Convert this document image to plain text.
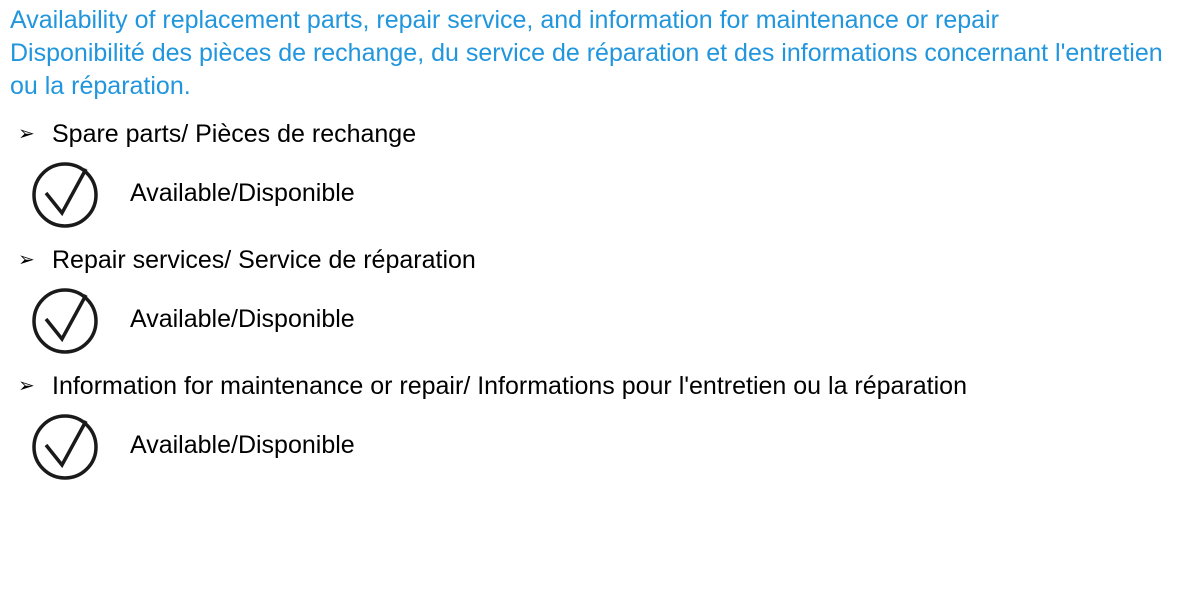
Availability of replacement parts, repair service, and information for maintenance or repair
Disponibilité des pièces de rechange, du service de réparation et des informations concernant l'entretien ou la réparation.
➢ Spare parts/ Pièces de rechange
Available/Disponible
➢ Repair services/ Service de réparation
Available/Disponible
➢ Information for maintenance or repair/ Informations pour l'entretien ou la réparation
Available/Disponible
